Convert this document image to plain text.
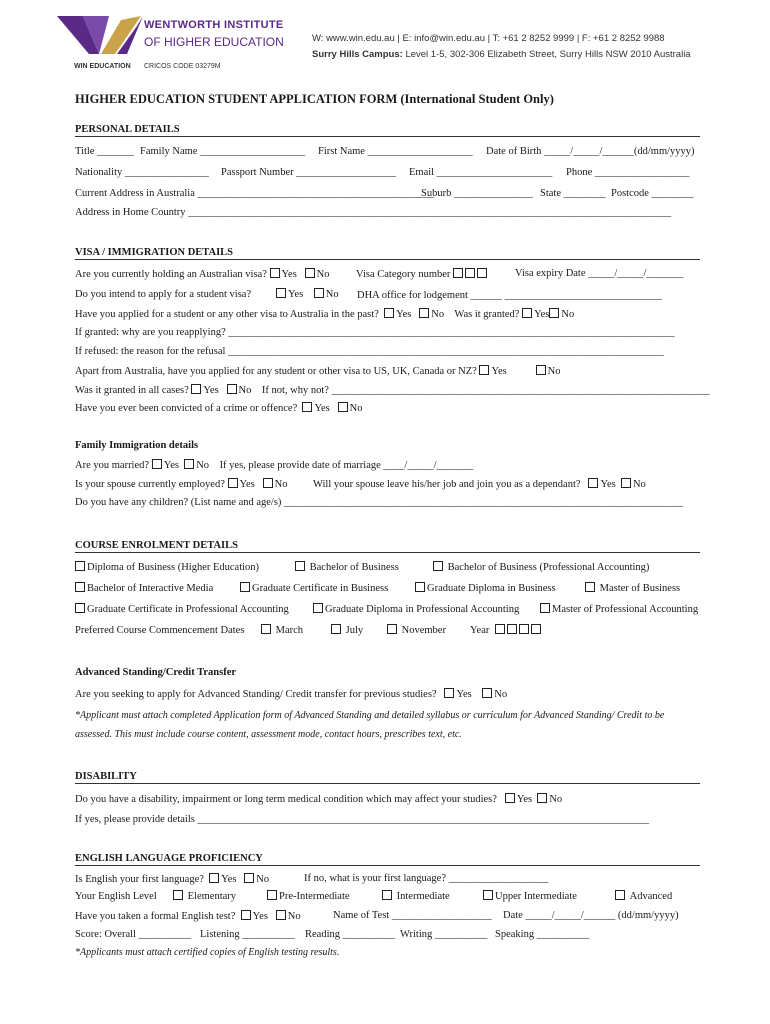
WIN EDUCATION
WENTWORTH INSTITUTE
OF HIGHER EDUCATION
CRICOS CODE 03279M
W: www.win.edu.au | E: info@win.edu.au | T: +61 2 8252 9999 | F: +61 2 8252 9988
Surry Hills Campus: Level 1-5, 302-306 Elizabeth Street, Surry Hills NSW 2010 Australia
HIGHER EDUCATION STUDENT APPLICATION FORM (International Student Only)
PERSONAL DETAILS
Title _______ Family Name ____________________ First Name ____________________ Date of Birth _____/_____/______(dd/mm/yyyy)
Nationality ________________ Passport Number ___________________ Email ______________________ Phone __________________
Current Address in Australia _____________________________________________
Suburb _______________ State ________ Postcode ________
Address in Home Country ____________________________________________________________________________________________
VISA / IMMIGRATION DETAILS
Are you currently holding an Australian visa? Yes No	Visa Category number	Visa expiry Date _____/_____/_______
Do you intend to apply for a student visa?	Yes No DHA office for lodgement ______ ______________________________
Have you applied for a student or any other visa to Australia in the past? Yes No Was it granted? Yes No
If granted: why are you reapplying? _____________________________________________________________________________________
If refused: the reason for the refusal ___________________________________________________________________________________
Apart from Australia, have you applied for any student or other visa to US, UK, Canada or NZ? Yes	No
Was it granted in all cases? Yes No If not, why not? ________________________________________________________________________
Have you ever been convicted of a crime or offence? Yes No
Family Immigration details
Are you married? Yes No If yes, please provide date of marriage ____/_____/_______
Is your spouse currently employed? Yes No Will your spouse leave his/her job and join you as a dependant? Yes No
Do you have any children? (List name and age/s) ____________________________________________________________________________
COURSE ENROLMENT DETAILS
Diploma of Business (Higher Education)	Bachelor of Business	Bachelor of Business (Professional Accounting)
Bachelor of Interactive Media	Graduate Certificate in Business	Graduate Diploma in Business	Master of Business
Graduate Certificate in Professional Accounting	Graduate Diploma in Professional Accounting	Master of Professional Accounting
Preferred Course Commencement Dates	March	July	November Year
Advanced Standing/Credit Transfer
Are you seeking to apply for Advanced Standing/ Credit transfer for previous studies? Yes No
*Applicant must attach completed Application form of Advanced Standing and detailed syllabus or curriculum for Advanced Standing/ Credit to be
assessed. This must include course content, assessment mode, contact hours, prescribes text, etc.
DISABILITY
Do you have a disability, impairment or long term medical condition which may affect your studies? Yes No
If yes, please provide details ______________________________________________________________________________________
ENGLISH LANGUAGE PROFICIENCY
Is English your first language? Yes No	If no, what is your first language? ___________________
Your English Level	Elementary	Pre-Intermediate	Intermediate	Upper Intermediate	Advanced
Have you taken a formal English test? Yes No	Name of Test ___________________ Date _____/_____/______ (dd/mm/yyyy)
Score: Overall __________ Listening __________ Reading __________ Writing __________ Speaking __________
*Applicants must attach certified copies of English testing results.
